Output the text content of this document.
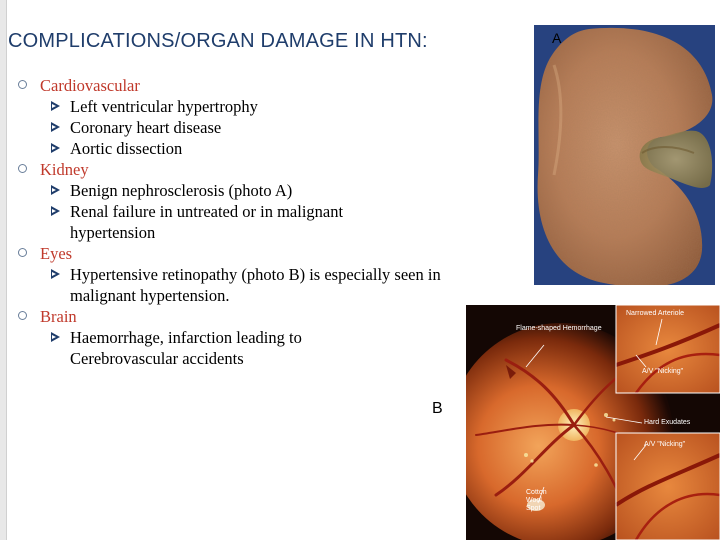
COMPLICATIONS/ORGAN DAMAGE IN HTN:
Cardiovascular
Left ventricular hypertrophy
Coronary heart disease
Aortic dissection
Kidney
Benign nephrosclerosis (photo A)
Renal failure in untreated or in malignant hypertension
Eyes
Hypertensive retinopathy (photo B) is especially seen in malignant hypertension.
Brain
Haemorrhage, infarction leading to Cerebrovascular accidents
A
Flame-shaped Hemorrhage
Narrowed Arteriole
A/V "Nicking"
Hard Exudates
A/V "Nicking"
Cotton Wool Spot
B
